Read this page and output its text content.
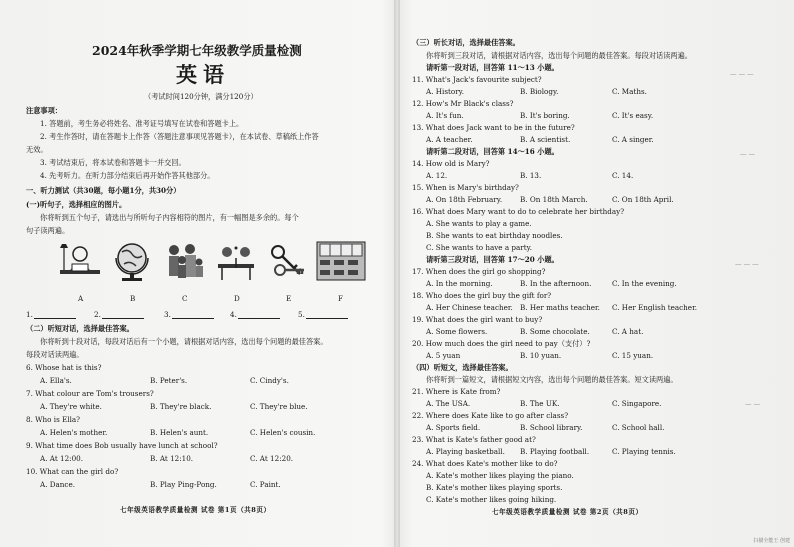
2024年秋季学期七年级教学质量检测
英语
（考试时间120分钟，满分120分）
注意事项：
1. 答题前，考生务必将姓名、准考证号填写在试卷和答题卡上。
2. 考生作答时，请在答题卡上作答（答题注意事项见答题卡），在本试卷、草稿纸上作答
无效。
3. 考试结束后，将本试卷和答题卡一并交回。
4. 先考听力。在听力部分结束后再开始作答其他部分。
一、听力测试（共30题，每小题1分，共30分）
(一)听句子，选择相应的图片。
你将听到五个句子，请选出与所听句子内容相符的图片，有一幅图是多余的。每个
句子读两遍。
A	B	C	D	E	F
1.	2.	3.	4.	5.
（二）听短对话，选择最佳答案。
你将听到十段对话，每段对话后有一个小题，请根据对话内容，选出每个问题的最佳答案。
每段对话读两遍。
6. Whose hat is this?
A. Ella's.	B. Peter's.	C. Cindy's.
7. What colour are Tom's trousers?
A. They're white.	B. They're black.	C. They're blue.
8. Who is Ella?
A. Helen's mother.	B. Helen's aunt.	C. Helen's cousin.
9. What time does Bob usually have lunch at school?
A. At 12:00.	B. At 12:10.	C. At 12:20.
10. What can the girl do?
A. Dance.	B. Play Ping-Pong.	C. Paint.
七年级英语教学质量检测 试卷 第1页（共8页）
（三）听长对话，选择最佳答案。
你将听到三段对话，请根据对话内容，选出每个问题的最佳答案。每段对话读两遍。
请听第一段对话，回答第 11～13 小题。
11. What's Jack's favourite subject?
A. History.	B. Biology.	C. Maths.
12. How's Mr Black's class?
A. It's fun.	B. It's boring.	C. It's easy.
13. What does Jack want to be in the future?
A. A teacher.	B. A scientist.	C. A singer.
请听第二段对话，回答第 14～16 小题。
14. How old is Mary?
A. 12.	B. 13.	C. 14.
15. When is Mary's birthday?
A. On 18th February. B. On 18th March.	C. On 18th April.
16. What does Mary want to do to celebrate her birthday?
A. She wants to play a game.
B. She wants to eat birthday noodles.
C. She wants to have a party.
请听第三段对话，回答第 17～20 小题。
17. When does the girl go shopping?
A. In the morning.	B. In the afternoon.	C. In the evening.
18. Who does the girl buy the gift for?
A. Her Chinese teacher. B. Her maths teacher. C. Her English teacher.
19. What does the girl want to buy?
A. Some flowers.	B. Some chocolate.	C. A hat.
20. How much does the girl need to pay（支付）?
A. 5 yuan	B. 10 yuan.	C. 15 yuan.
（四）听短文，选择最佳答案。
你将听到一篇短文，请根据短文内容，选出每个问题的最佳答案。短文读两遍。
21. Where is Kate from?
A. The USA.	B. The UK.	C. Singapore.
22. Where does Kate like to go after class?
A. Sports field.	B. School library.	C. School hall.
23. What is Kate's father good at?
A. Playing basketball. B. Playing football.	C. Playing tennis.
24. What does Kate's mother like to do?
A. Kate's mother likes playing the piano.
B. Kate's mother likes playing sports.
C. Kate's mother likes going hiking.
七年级英语教学质量检测 试卷 第2页（共8页）
— — —
— —
— — —
— —
扫描全能王 创建
